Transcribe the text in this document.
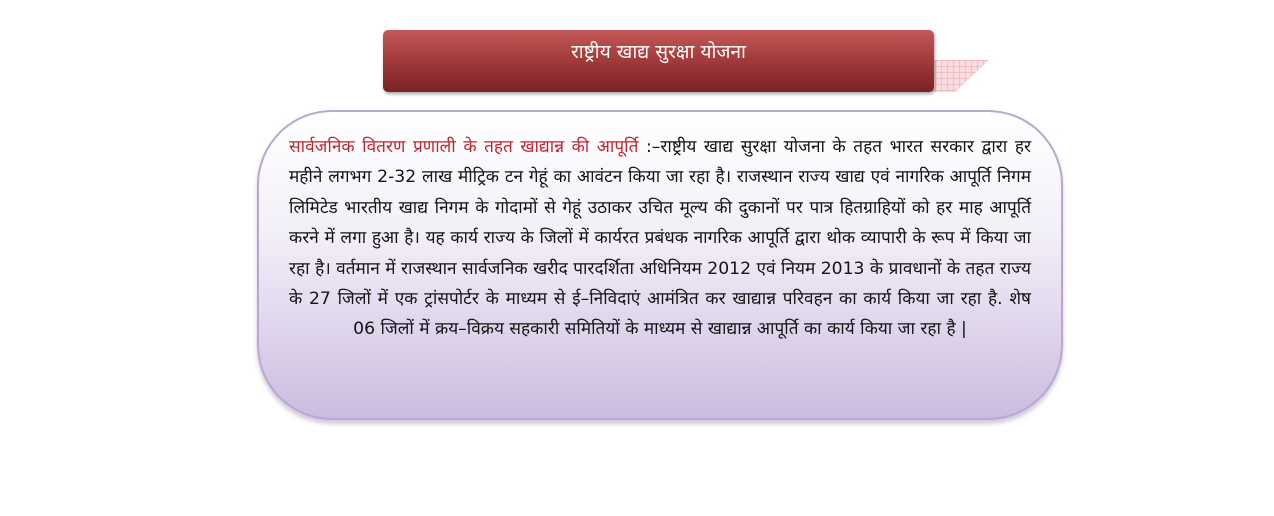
राष्ट्रीय खाद्य सुरक्षा योजना
सार्वजनिक वितरण प्रणाली के तहत खाद्यान्न की आपूर्ति :–राष्ट्रीय खाद्य सुरक्षा योजना के तहत भारत सरकार द्वारा हर महीने लगभग 2-32 लाख मीट्रिक टन गेहूं का आवंटन किया जा रहा है। राजस्थान राज्य खाद्य एवं नागरिक आपूर्ति निगम लिमिटेड भारतीय खाद्य निगम के गोदामों से गेहूं उठाकर उचित मूल्य की दुकानों पर पात्र हितग्राहियों को हर माह आपूर्ति करने में लगा हुआ है। यह कार्य राज्य के जिलों में कार्यरत प्रबंधक नागरिक आपूर्ति द्वारा थोक व्यापारी के रूप में किया जा रहा है। वर्तमान में राजस्थान सार्वजनिक खरीद पारदर्शिता अधिनियम 2012 एवं नियम 2013 के प्रावधानों के तहत राज्य के 27 जिलों में एक ट्रांसपोर्टर के माध्यम से ई–निविदाएं आमंत्रित कर खाद्यान्न परिवहन का कार्य किया जा रहा है. शेष 06 जिलों में क्रय–विक्रय सहकारी समितियों के माध्यम से खाद्यान्न आपूर्ति का कार्य किया जा रहा है |
